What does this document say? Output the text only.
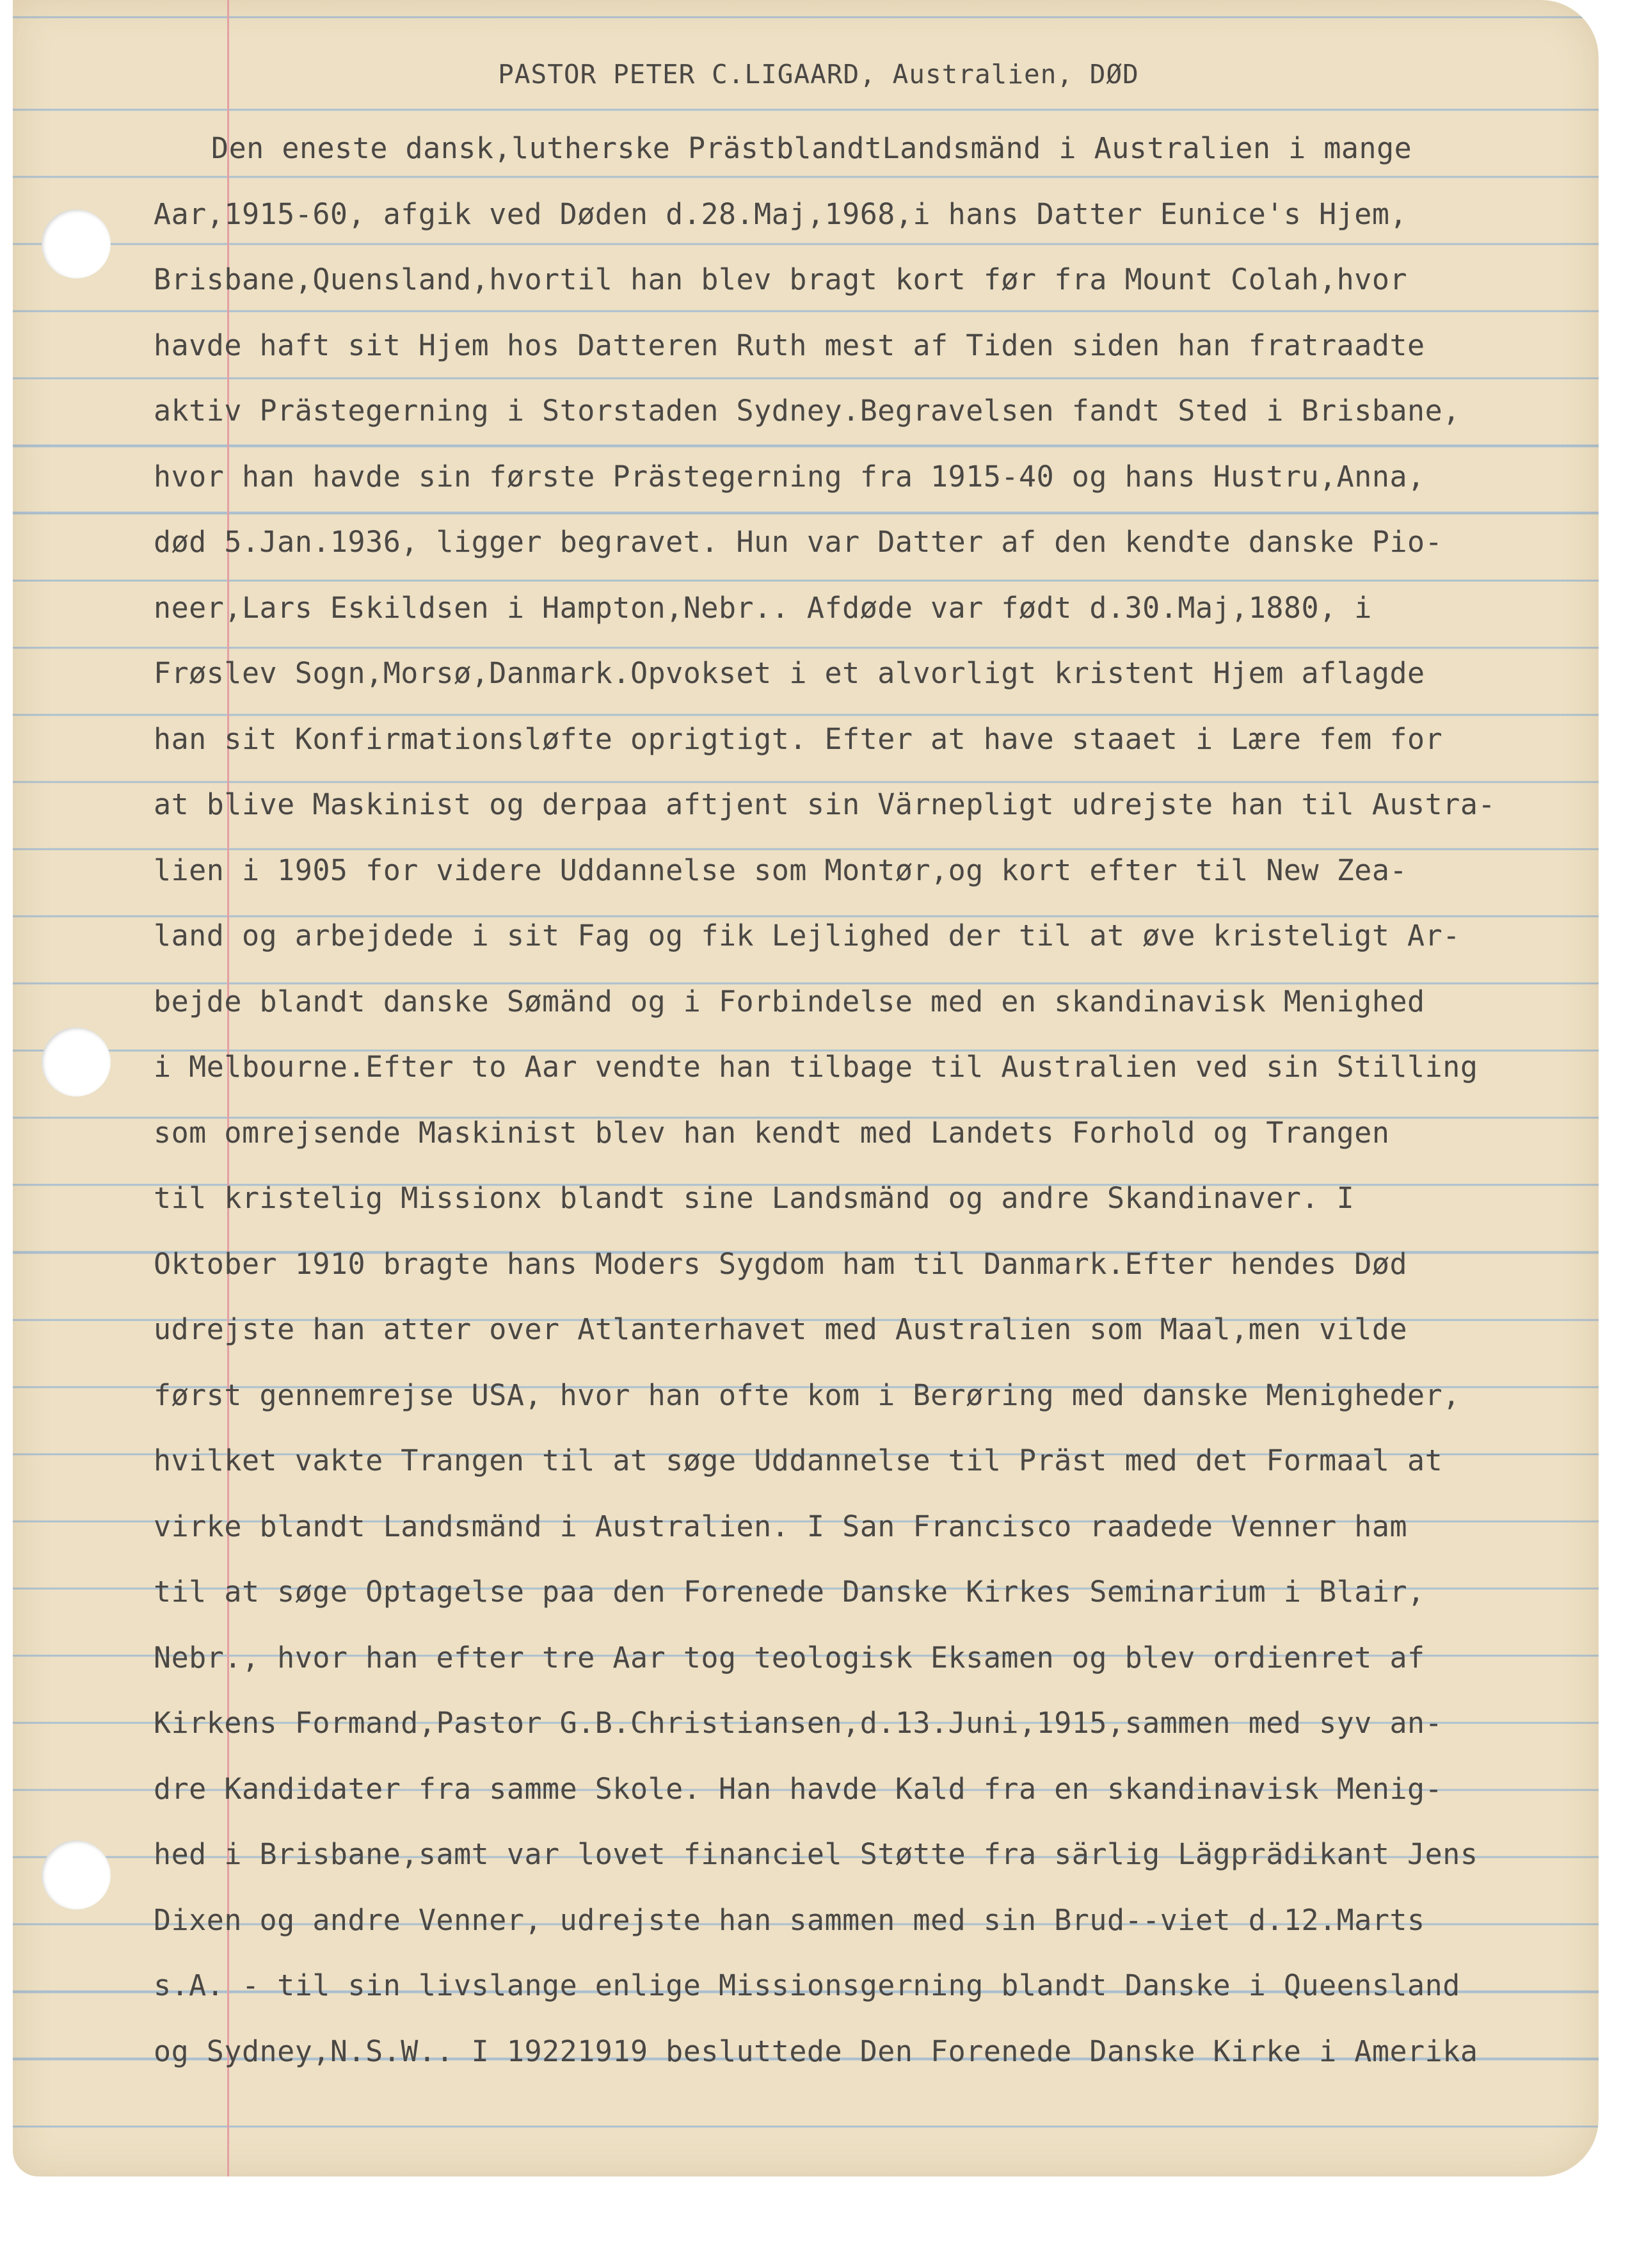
PASTOR PETER C.LIGAARD, Australien, DØD
Den eneste dansk,lutherske PrästblandtLandsmänd i Australien i mange
Aar,1915-60, afgik ved Døden d.28.Maj,1968,i hans Datter Eunice's Hjem,
Brisbane,Quensland,hvortil han blev bragt kort før fra Mount Colah,hvor
havde haft sit Hjem hos Datteren Ruth mest af Tiden siden han fratraadte
aktiv Prästegerning i Storstaden Sydney.Begravelsen fandt Sted i Brisbane,
hvor han havde sin første Prästegerning fra 1915-40 og hans Hustru,Anna,
død 5.Jan.1936, ligger begravet. Hun var Datter af den kendte danske Pio-
neer,Lars Eskildsen i Hampton,Nebr.. Afdøde var født d.30.Maj,1880, i
Frøslev Sogn,Morsø,Danmark.Opvokset i et alvorligt kristent Hjem aflagde
han sit Konfirmationsløfte oprigtigt. Efter at have staaet i Lære fem for
at blive Maskinist og derpaa aftjent sin Värnepligt udrejste han til Austra-
lien i 1905 for videre Uddannelse som Montør,og kort efter til New Zea-
land og arbejdede i sit Fag og fik Lejlighed der til at øve kristeligt Ar-
bejde blandt danske Sømänd og i Forbindelse med en skandinavisk Menighed
i Melbourne.Efter to Aar vendte han tilbage til Australien ved sin Stilling
som omrejsende Maskinist blev han kendt med Landets Forhold og Trangen
til kristelig Missionx blandt sine Landsmänd og andre Skandinaver. I
Oktober 1910 bragte hans Moders Sygdom ham til Danmark.Efter hendes Død
udrejste han atter over Atlanterhavet med Australien som Maal,men vilde
først gennemrejse USA, hvor han ofte kom i Berøring med danske Menigheder,
hvilket vakte Trangen til at søge Uddannelse til Präst med det Formaal at
virke blandt Landsmänd i Australien. I San Francisco raadede Venner ham
til at søge Optagelse paa den Forenede Danske Kirkes Seminarium i Blair,
Nebr., hvor han efter tre Aar tog teologisk Eksamen og blev ordienret af
Kirkens Formand,Pastor G.B.Christiansen,d.13.Juni,1915,sammen med syv an-
dre Kandidater fra samme Skole. Han havde Kald fra en skandinavisk Menig-
hed i Brisbane,samt var lovet financiel Støtte fra särlig Lägprädikant Jens
Dixen og andre Venner, udrejste han sammen med sin Brud--viet d.12.Marts
s.A. - til sin livslange enlige Missionsgerning blandt Danske i Queensland
og Sydney,N.S.W.. I 19221919 besluttede Den Forenede Danske Kirke i Amerika
